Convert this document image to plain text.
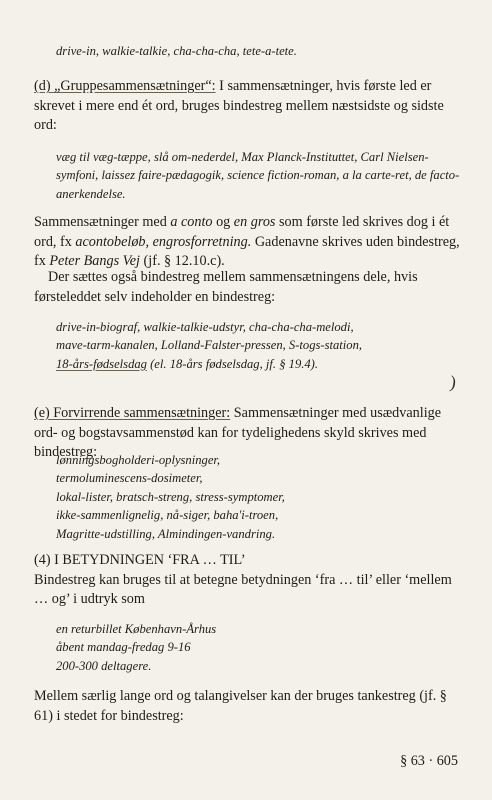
drive-in, walkie-talkie, cha-cha-cha, tete-a-tete.

(d) „Gruppesammensætninger“: I sammensætninger, hvis første led er skrevet i mere end ét ord, bruges bindestreg mellem næstsidste og sidste ord:

væg til væg-tæppe, slå om-nederdel, Max Planck-Instituttet, Carl Nielsen-symfoni, laissez faire-pædagogik, science fiction-roman, a la carte-ret, de facto-anerkendelse.

Sammensætninger med a conto og en gros som første led skrives dog i ét ord, fx acontobeløb, engrosforretning. Gadenavne skrives uden bindestreg, fx Peter Bangs Vej (jf. § 12.10.c).

Der sættes også bindestreg mellem sammensætningens dele, hvis førsteleddet selv indeholder en bindestreg:

drive-in-biograf, walkie-talkie-udstyr, cha-cha-cha-melodi,

mave-tarm-kanalen, Lolland-Falster-pressen, S-togs-station,

18-års-fødselsdag (el. 18-års fødselsdag, jf. § 19.4).

)

(e) Forvirrende sammensætninger: Sammensætninger med usædvanlige ord- og bogstavsammenstød kan for tydelighedens skyld skrives med bindestreg:

lønningsbogholderi-oplysninger,

termoluminescens-dosimeter,

lokal-lister, bratsch-streng, stress-symptomer,

ikke-sammenlignelig, nå-siger, baha'i-troen,

Magritte-udstilling, Almindingen-vandring.

(4) I BETYDNINGEN ‘FRA … TIL’

Bindestreg kan bruges til at betegne betydningen ‘fra … til’ eller ‘mellem … og’ i udtryk som

en returbillet København-Århus

åbent mandag-fredag 9-16

200-300 deltagere.

Mellem særlig lange ord og talangivelser kan der bruges tankestreg (jf. § 61) i stedet for bindestreg:

§ 63 · 605
